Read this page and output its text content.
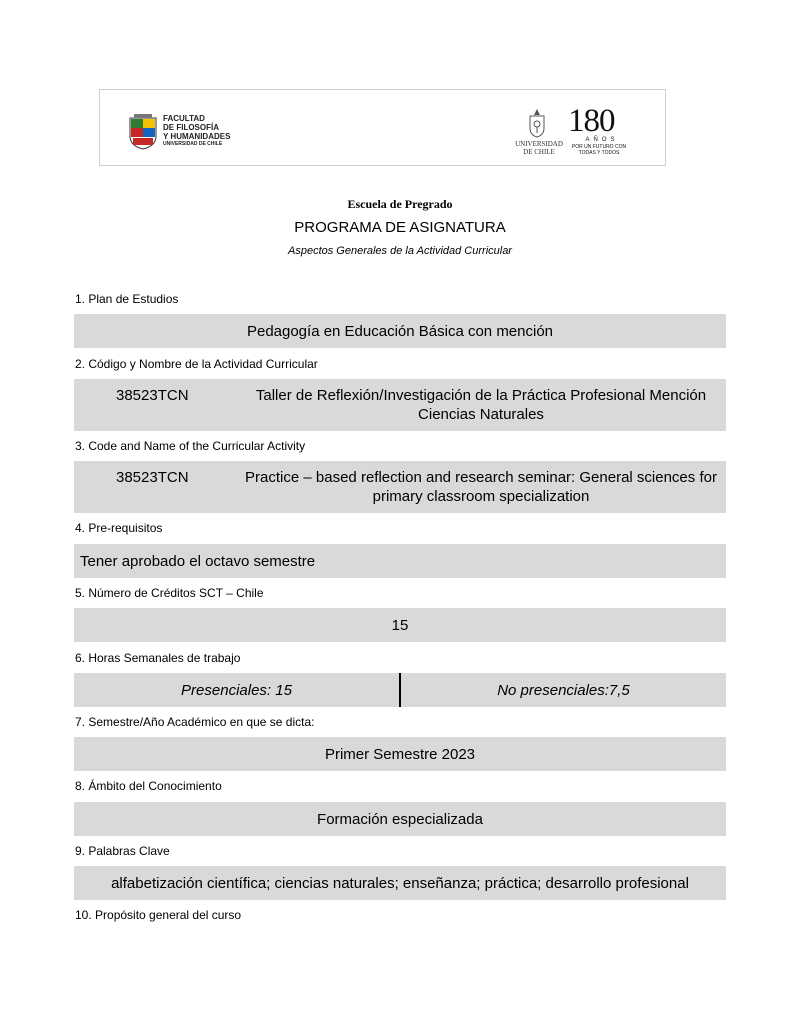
FACULTAD
DE FILOSOFÍA
Y HUMANIDADES
UNIVERSIDAD DE CHILE	UNIVERSIDAD
DE CHILE
180
AÑOS
POR UN FUTURO CON
TODAS Y TODOS
Escuela de Pregrado
PROGRAMA DE ASIGNATURA
Aspectos Generales de la Actividad Curricular
1. Plan de Estudios
Pedagogía en Educación Básica con mención
2. Código y Nombre de la Actividad Curricular
38523TCN	Taller de Reflexión/Investigación de la Práctica Profesional Mención Ciencias Naturales
3. Code and Name of the Curricular Activity
38523TCN	Practice – based reflection and research seminar: General sciences for primary classroom specialization
4. Pre-requisitos
Tener aprobado el octavo semestre
5. Número de Créditos SCT – Chile
15
6. Horas Semanales de trabajo
Presenciales: 15	No presenciales:7,5
7. Semestre/Año Académico en que se dicta:
Primer Semestre 2023
8. Ámbito del Conocimiento
Formación especializada
9. Palabras Clave
alfabetización científica; ciencias naturales; enseñanza; práctica; desarrollo profesional
10. Propósito general del curso
